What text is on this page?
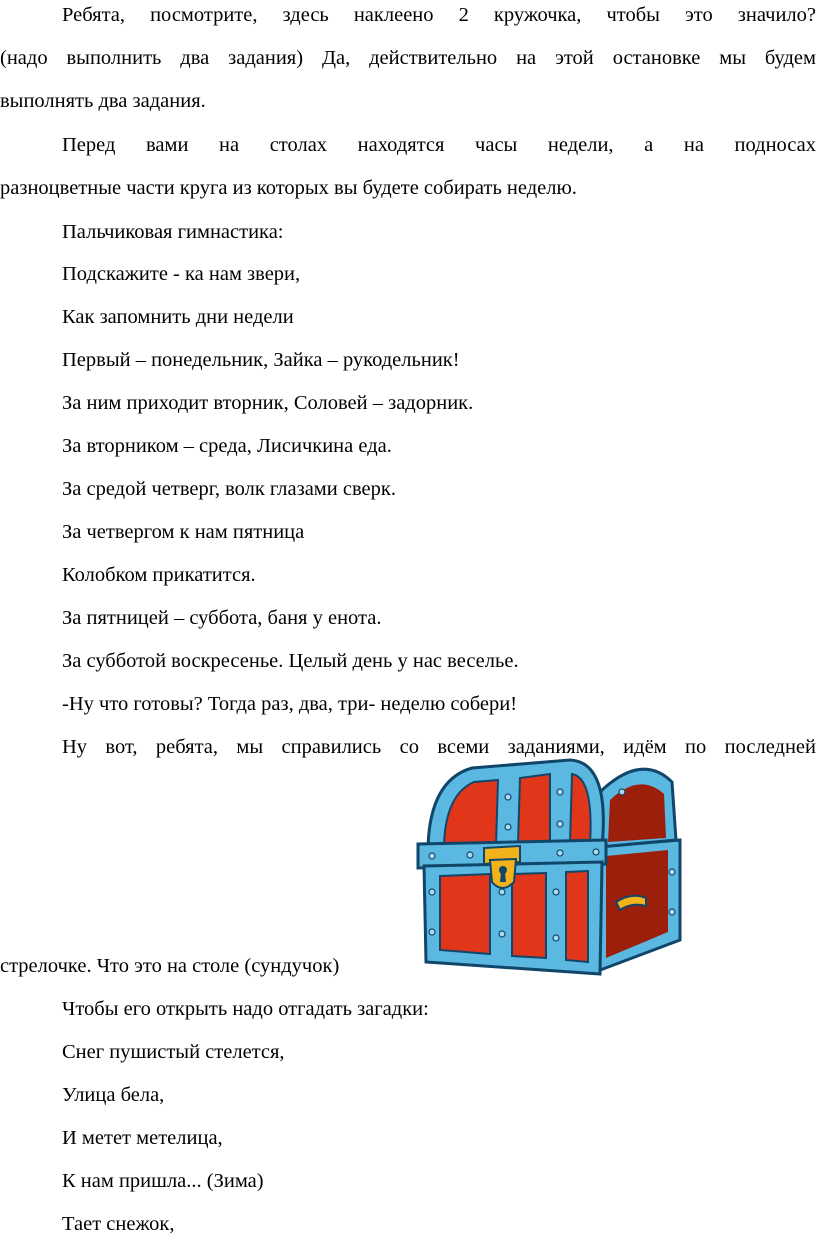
Ребята, посмотрите, здесь наклеено 2 кружочка, чтобы это значило?
(надо выполнить два задания) Да, действительно на этой остановке мы будем
выполнять два задания.
Перед вами на столах находятся часы недели, а на подносах
разноцветные части круга из которых вы будете собирать неделю.
Пальчиковая гимнастика:
Подскажите - ка нам звери,
Как запомнить дни недели
Первый – понедельник, Зайка – рукодельник!
За ним приходит вторник, Соловей – задорник.
За вторником – среда, Лисичкина еда.
За средой четверг, волк глазами сверк.
За четвергом к нам пятница
Колобком прикатится.
За пятницей – суббота, баня у енота.
За субботой воскресенье. Целый день у нас веселье.
-Ну что готовы? Тогда раз, два, три- неделю собери!
Ну вот, ребята, мы справились со всеми заданиями, идём по последней
стрелочке. Что это на столе (сундучок)
Чтобы его открыть надо отгадать загадки:
Снег пушистый стелется,
Улица бела,
И метет метелица,
К нам пришла... (Зима)
Тает снежок,
